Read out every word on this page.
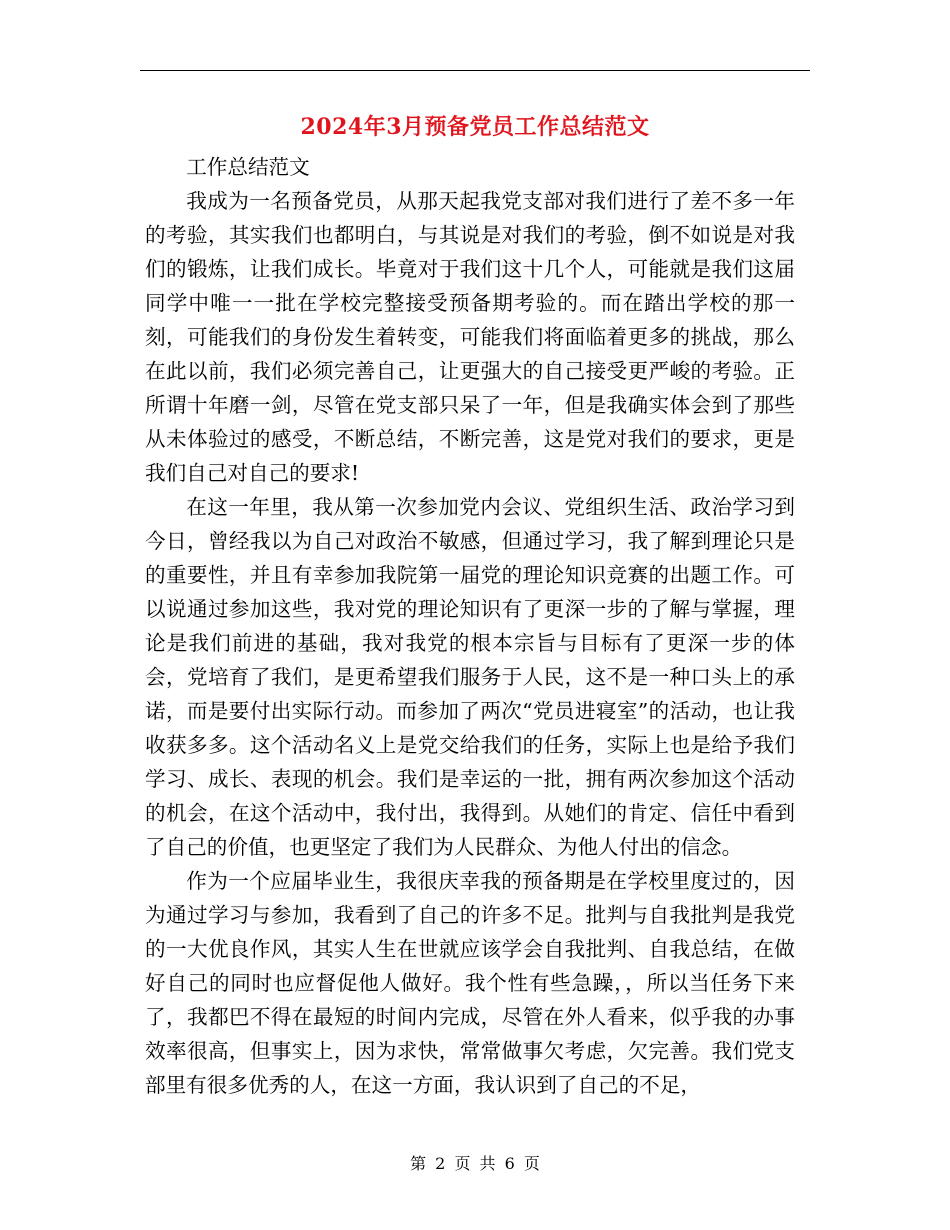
2024年3月预备党员工作总结范文

工作总结范文

我成为一名预备党员，从那天起我党支部对我们进行了差不多一年的考验，其实我们也都明白，与其说是对我们的考验，倒不如说是对我们的锻炼，让我们成长。毕竟对于我们这十几个人，可能就是我们这届同学中唯一一批在学校完整接受预备期考验的。而在踏出学校的那一刻，可能我们的身份发生着转变，可能我们将面临着更多的挑战，那么在此以前，我们必须完善自己，让更强大的自己接受更严峻的考验。正所谓十年磨一剑，尽管在党支部只呆了一年，但是我确实体会到了那些从未体验过的感受，不断总结，不断完善，这是党对我们的要求，更是我们自己对自己的要求!

在这一年里，我从第一次参加党内会议、党组织生活、政治学习到今日，曾经我以为自己对政治不敏感，但通过学习，我了解到理论只是的重要性，并且有幸参加我院第一届党的理论知识竞赛的出题工作。可以说通过参加这些，我对党的理论知识有了更深一步的了解与掌握，理论是我们前进的基础，我对我党的根本宗旨与目标有了更深一步的体会，党培育了我们，是更希望我们服务于人民，这不是一种口头上的承诺，而是要付出实际行动。而参加了两次“党员进寝室”的活动，也让我收获多多。这个活动名义上是党交给我们的任务，实际上也是给予我们学习、成长、表现的机会。我们是幸运的一批，拥有两次参加这个活动的机会，在这个活动中，我付出，我得到。从她们的肯定、信任中看到了自己的价值，也更坚定了我们为人民群众、为他人付出的信念。

作为一个应届毕业生，我很庆幸我的预备期是在学校里度过的，因为通过学习与参加，我看到了自己的许多不足。批判与自我批判是我党的一大优良作风，其实人生在世就应该学会自我批判、自我总结，在做好自己的同时也应督促他人做好。我个性有些急躁，，所以当任务下来了，我都巴不得在最短的时间内完成，尽管在外人看来，似乎我的办事效率很高，但事实上，因为求快，常常做事欠考虑，欠完善。我们党支部里有很多优秀的人，在这一方面，我认识到了自己的不足，

第 2 页 共 6 页
